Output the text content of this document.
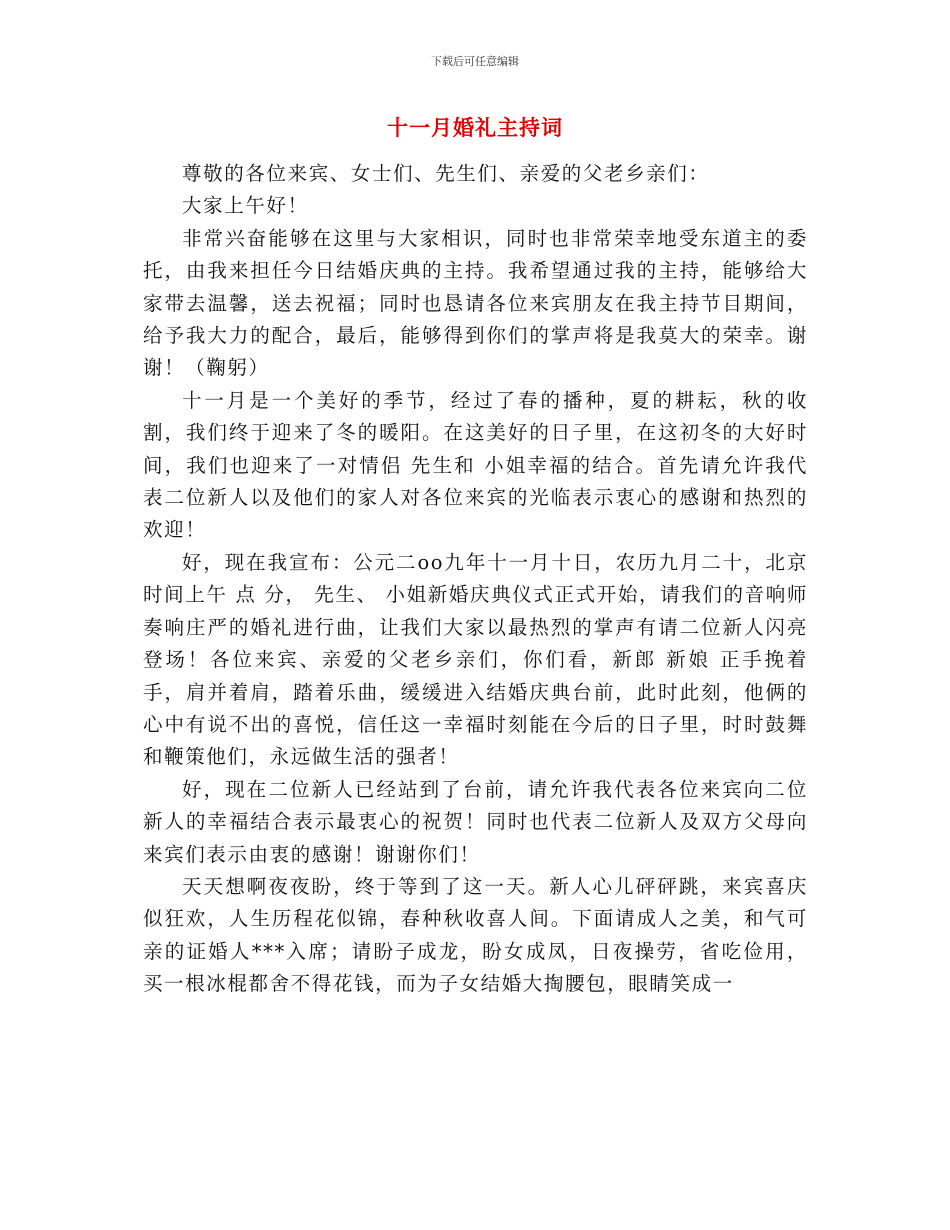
下载后可任意编辑
十一月婚礼主持词

尊敬的各位来宾、女士们、先生们、亲爱的父老乡亲们：

大家上午好！

非常兴奋能够在这里与大家相识，同时也非常荣幸地受东道主的委托，由我来担任今日结婚庆典的主持。我希望通过我的主持，能够给大家带去温馨，送去祝福；同时也恳请各位来宾朋友在我主持节目期间，给予我大力的配合，最后，能够得到你们的掌声将是我莫大的荣幸。谢谢！（鞠躬）

十一月是一个美好的季节，经过了春的播种，夏的耕耘，秋的收割，我们终于迎来了冬的暖阳。在这美好的日子里，在这初冬的大好时间，我们也迎来了一对情侣 先生和 小姐幸福的结合。首先请允许我代表二位新人以及他们的家人对各位来宾的光临表示衷心的感谢和热烈的欢迎！

好，现在我宣布：公元二oo九年十一月十日，农历九月二十，北京时间上午 点 分， 先生、 小姐新婚庆典仪式正式开始，请我们的音响师奏响庄严的婚礼进行曲，让我们大家以最热烈的掌声有请二位新人闪亮登场！各位来宾、亲爱的父老乡亲们，你们看，新郎 新娘 正手挽着手，肩并着肩，踏着乐曲，缓缓进入结婚庆典台前，此时此刻，他俩的心中有说不出的喜悦，信任这一幸福时刻能在今后的日子里，时时鼓舞和鞭策他们，永远做生活的强者！

好，现在二位新人已经站到了台前，请允许我代表各位来宾向二位新人的幸福结合表示最衷心的祝贺！同时也代表二位新人及双方父母向来宾们表示由衷的感谢！谢谢你们！

天天想啊夜夜盼，终于等到了这一天。新人心儿砰砰跳，来宾喜庆似狂欢，人生历程花似锦，春种秋收喜人间。下面请成人之美，和气可亲的证婚人***入席；请盼子成龙，盼女成凤，日夜操劳，省吃俭用，买一根冰棍都舍不得花钱，而为子女结婚大掏腰包，眼睛笑成一
